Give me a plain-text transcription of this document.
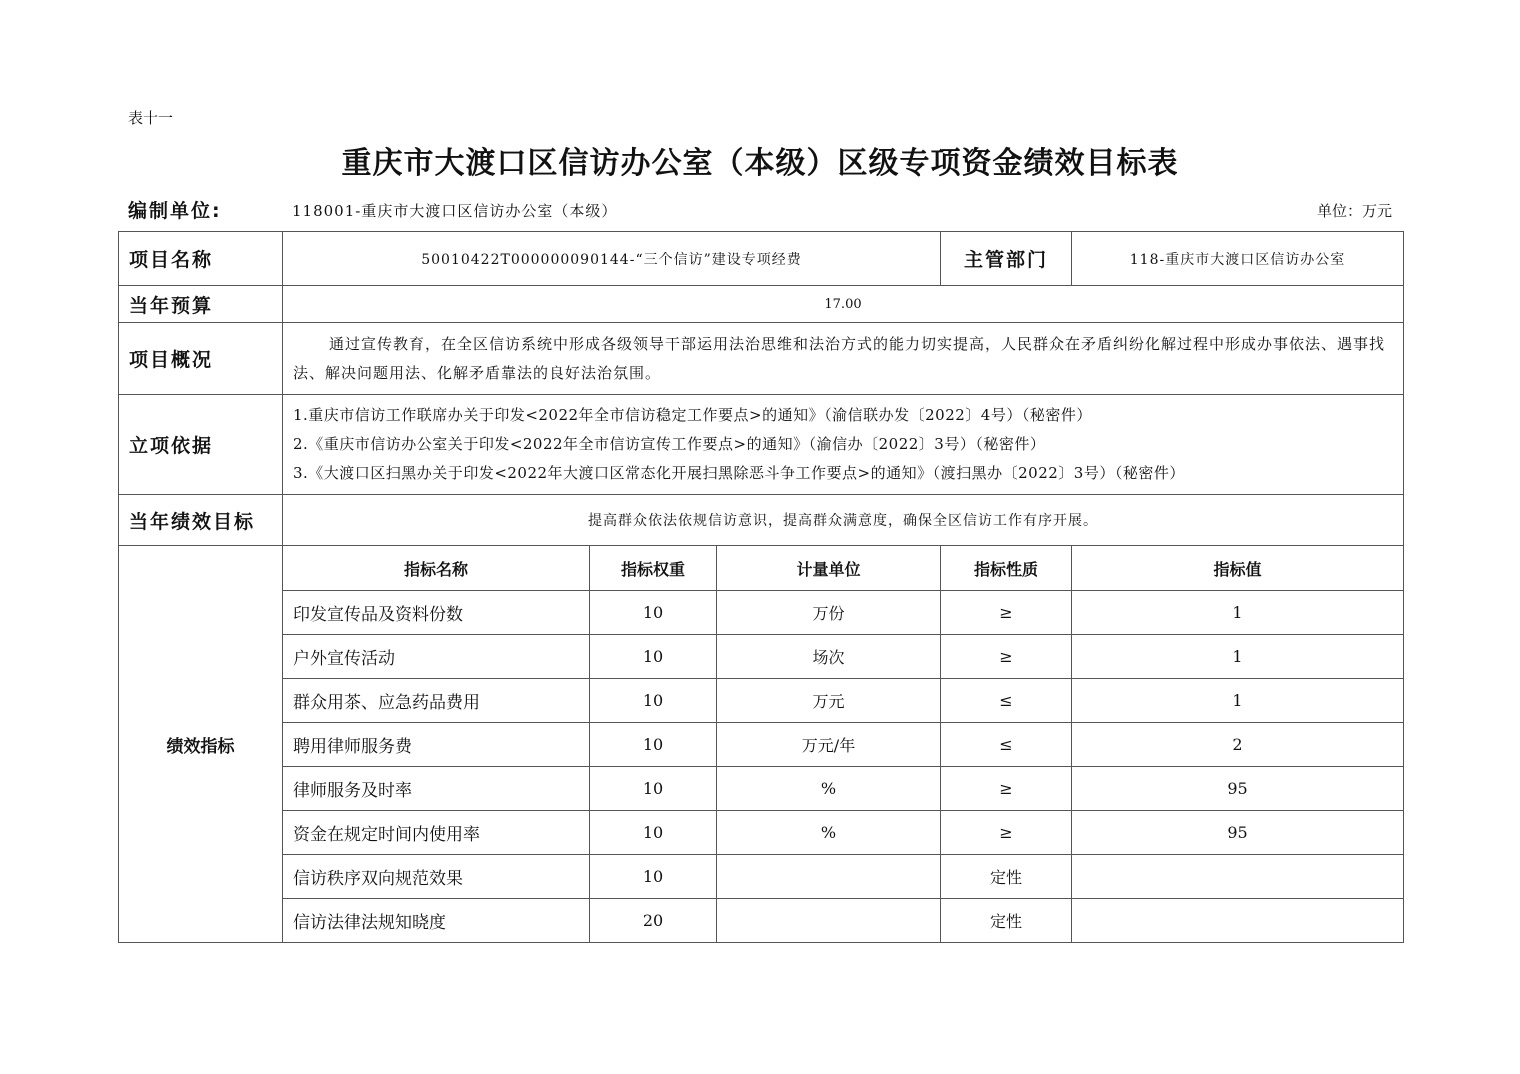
表十一
重庆市大渡口区信访办公室（本级）区级专项资金绩效目标表
编制单位:	118001-重庆市大渡口区信访办公室（本级）	单位：万元
项目名称	50010422T000000090144-“三个信访”建设专项经费			主管部门	118-重庆市大渡口区信访办公室
当年预算	17.00				
项目概况	通过宣传教育，在全区信访系统中形成各级领导干部运用法治思维和法治方式的能力切实提高，人民群众在矛盾纠纷化解过程中形成办事依法、遇事找法、解决问题用法、化解矛盾靠法的良好法治氛围。				
立项依据	1.重庆市信访工作联席办关于印发<2022年全市信访稳定工作要点>的通知》（渝信联办发〔2022〕4号）（秘密件）
2.《重庆市信访办公室关于印发<2022年全市信访宣传工作要点>的通知》（渝信办〔2022〕3号）（秘密件）
3.《大渡口区扫黑办关于印发<2022年大渡口区常态化开展扫黑除恶斗争工作要点>的通知》（渡扫黑办〔2022〕3号）（秘密件）				

当年绩效目标	提高群众依法依规信访意识，提高群众满意度，确保全区信访工作有序开展。				
绩效指标	指标名称	指标权重	计量单位	指标性质	指标值
	印发宣传品及资料份数	10	万份	≥	1
	户外宣传活动	10	场次	≥	1
	群众用茶、应急药品费用	10	万元	≤	1
	聘用律师服务费	10	万元/年	≤	2
	律师服务及时率	10	%	≥	95
	资金在规定时间内使用率	10	%	≥	95
	信访秩序双向规范效果	10		定性	
	信访法律法规知晓度	20		定性	
